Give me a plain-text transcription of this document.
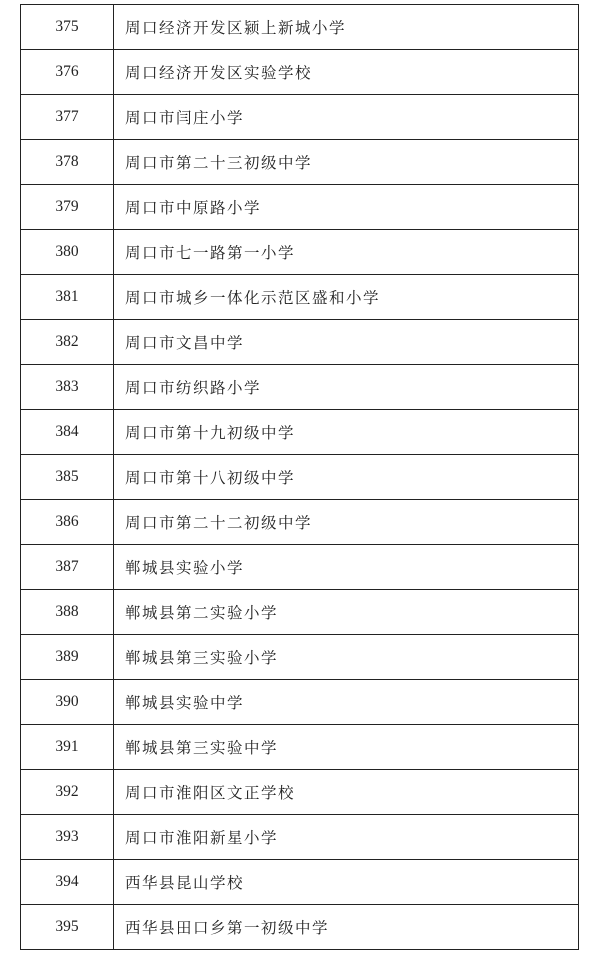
375	周口经济开发区颍上新城小学
376	周口经济开发区实验学校
377	周口市闫庄小学
378	周口市第二十三初级中学
379	周口市中原路小学
380	周口市七一路第一小学
381	周口市城乡一体化示范区盛和小学
382	周口市文昌中学
383	周口市纺织路小学
384	周口市第十九初级中学
385	周口市第十八初级中学
386	周口市第二十二初级中学
387	郸城县实验小学
388	郸城县第二实验小学
389	郸城县第三实验小学
390	郸城县实验中学
391	郸城县第三实验中学
392	周口市淮阳区文正学校
393	周口市淮阳新星小学
394	西华县昆山学校
395	西华县田口乡第一初级中学
